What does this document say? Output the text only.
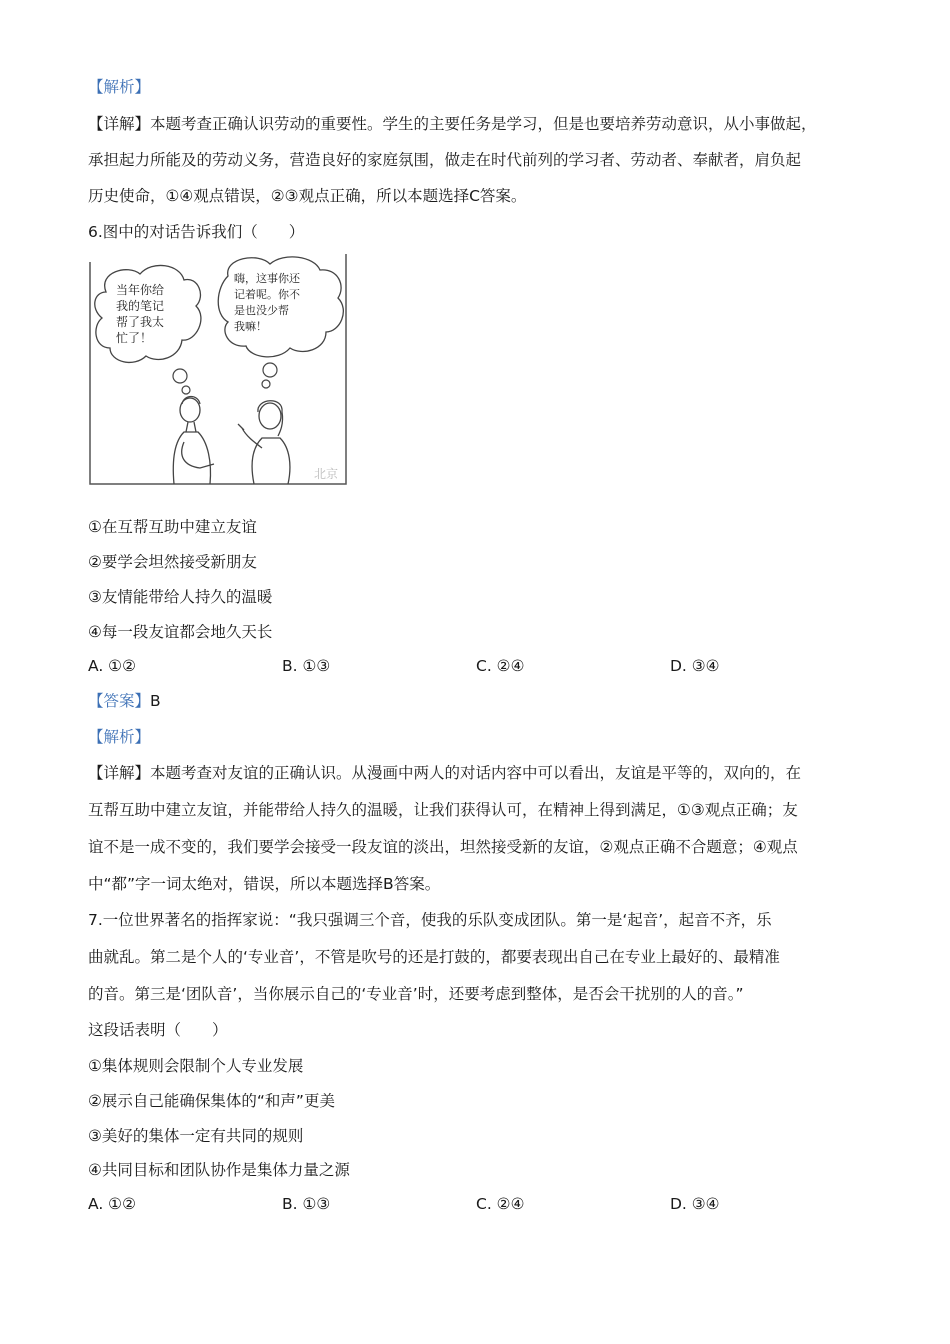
【解析】
【详解】本题考查正确认识劳动的重要性。学生的主要任务是学习，但是也要培养劳动意识，从小事做起，
承担起力所能及的劳动义务，营造良好的家庭氛围，做走在时代前列的学习者、劳动者、奉献者，肩负起
历史使命，①④观点错误，②③观点正确，所以本题选择C答案。
6.图中的对话告诉我们（　　）
当年你给
我的笔记
帮了我太
忙了！
嗨，这事你还
记着呢。你不
是也没少帮
我嘛！
北京
①在互帮互助中建立友谊
②要学会坦然接受新朋友
③友情能带给人持久的温暖
④每一段友谊都会地久天长
A. ①②	B. ①③	C. ②④	D. ③④
【答案】B
【解析】
【详解】本题考查对友谊的正确认识。从漫画中两人的对话内容中可以看出，友谊是平等的，双向的，在
互帮互助中建立友谊，并能带给人持久的温暖，让我们获得认可，在精神上得到满足，①③观点正确；友
谊不是一成不变的，我们要学会接受一段友谊的淡出，坦然接受新的友谊，②观点正确不合题意；④观点
中“都”字一词太绝对，错误，所以本题选择B答案。
7.一位世界著名的指挥家说：“我只强调三个音，使我的乐队变成团队。第一是‘起音’，起音不齐，乐
曲就乱。第二是个人的‘专业音’，不管是吹号的还是打鼓的，都要表现出自己在专业上最好的、最精准
的音。第三是‘团队音’，当你展示自己的‘专业音’时，还要考虑到整体，是否会干扰别的人的音。”
这段话表明（　　）
①集体规则会限制个人专业发展
②展示自己能确保集体的“和声”更美
③美好的集体一定有共同的规则
④共同目标和团队协作是集体力量之源
A. ①②	B. ①③	C. ②④	D. ③④
